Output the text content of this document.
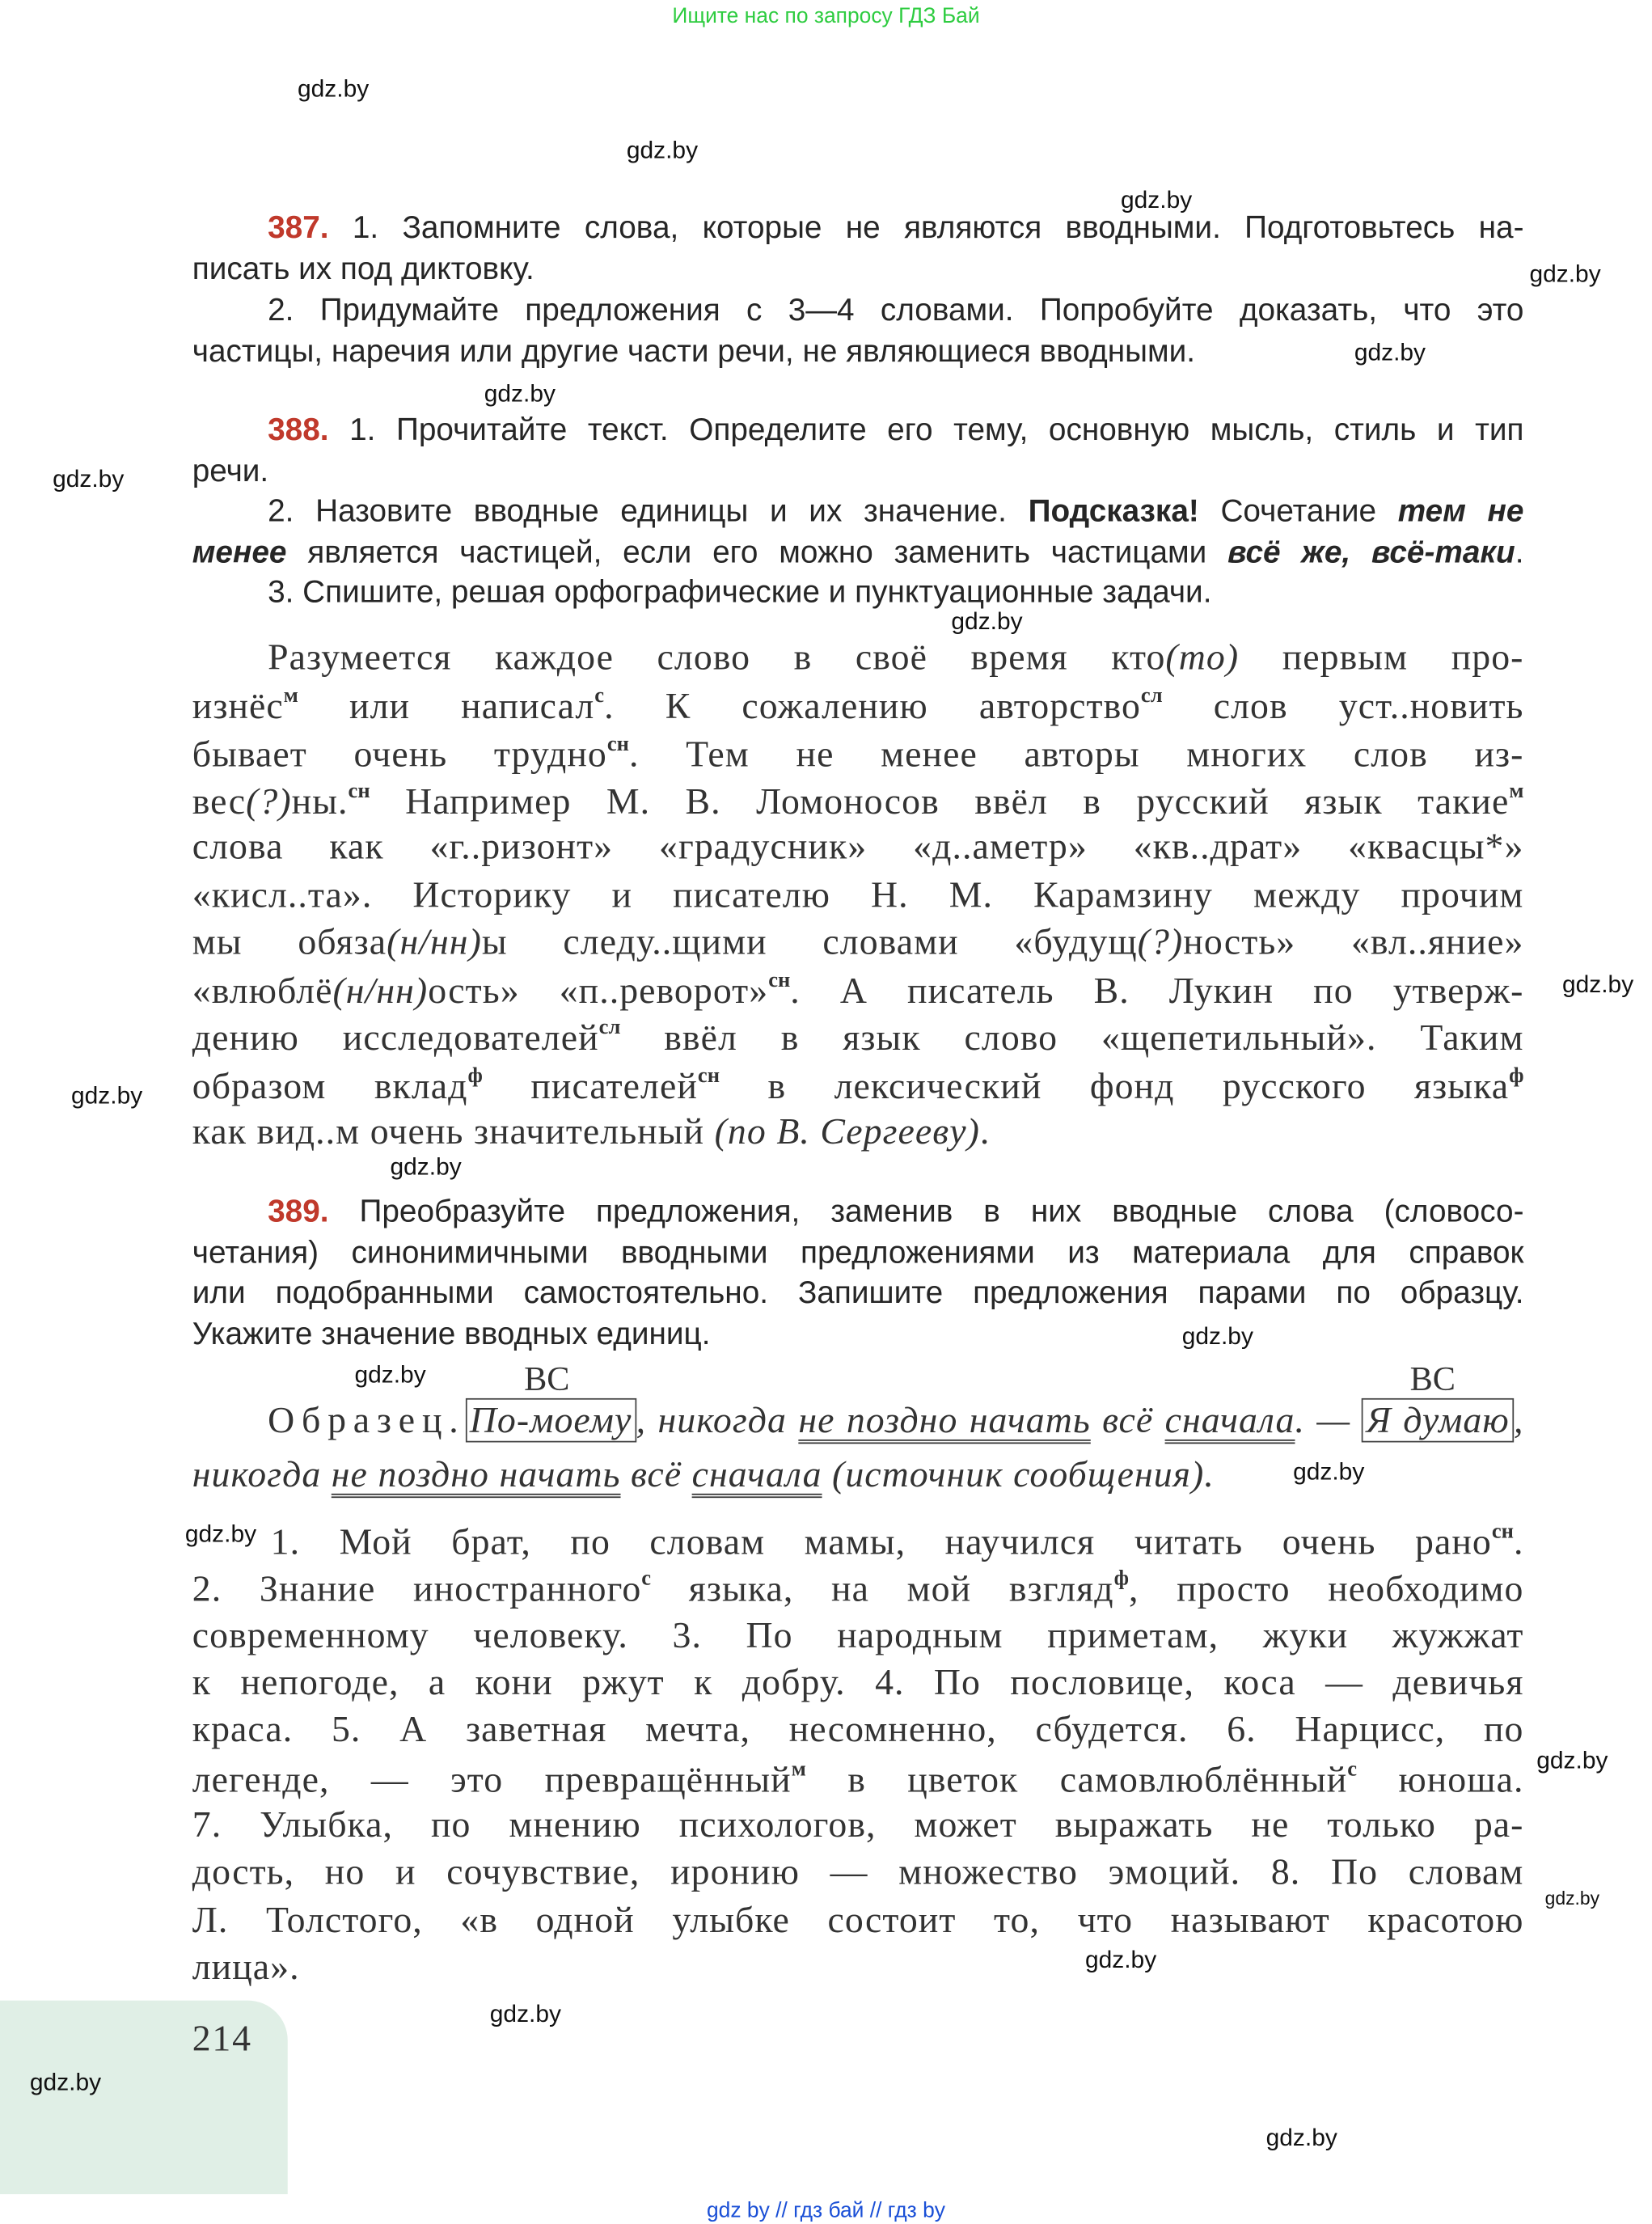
Ищите нас по запросу ГДЗ Бай
387. 1. Запомните слова, которые не являются вводными. Подготовьтесь на-
писать их под диктовку.
2. Придумайте предложения с 3—4 словами. Попробуйте доказать, что это
частицы, наречия или другие части речи, не являющиеся вводными.
388. 1. Прочитайте текст. Определите его тему, основную мысль, стиль и тип
речи.
2. Назовите вводные единицы и их значение. Подсказка! Сочетание тем не
менее является частицей, если его можно заменить частицами всё же, всё-таки.
3. Спишите, решая орфографические и пунктуационные задачи.
Разумеется каждое слово в своё время кто(то) первым про-
изнёс$^м$ или написал$^с$. К сожалению авторство$^{сл}$ слов уст..новить
бывает очень трудно$^{сн}$. Тем не менее авторы многих слов из-
вес(?)ны.$^{сн}$ Например М. В. Ломоносов ввёл в русский язык такие$^м$
слова как «г..ризонт» «градусник» «д..аметр» «кв..драт» «квасцы*»
«кисл..та». Историку и писателю Н. М. Карамзину между прочим
мы обяза(н/нн)ы следу..щими словами «будущ(?)ность» «вл..яние»
«влюблё(н/нн)ость» «п..реворот»$^{сн}$. А писатель В. Лукин по утверж-
дению исследователей$^{сл}$ ввёл в язык слово «щепетильный». Таким
образом вклад$^ф$ писателей$^{сн}$ в лексический фонд русского языка$^ф$
как вид..м очень значительный (по В. Сергееву).
389. Преобразуйте предложения, заменив в них вводные слова (словосо-
четания) синонимичными вводными предложениями из материала для справок
или подобранными самостоятельно. Запишите предложения парами по образцу.
Укажите значение вводных единиц.
Образец. По-моему , никогда не поздно начать всё сначала. — Я думаю ,
никогда не поздно начать всё сначала (источник сообщения).
1. Мой брат, по словам мамы, научился читать очень рано$^{сн}$.
2. Знание иностранного$^с$ языка, на мой взгляд$^ф$, просто необходимо
современному человеку. 3. По народным приметам, жуки жужжат
к непогоде, а кони ржут к добру. 4. По пословице, коса — девичья
краса. 5. А заветная мечта, несомненно, сбудется. 6. Нарцисс, по
легенде, — это превращённый$^м$ в цветок самовлюблённый$^с$ юноша.
7. Улыбка, по мнению психологов, может выражать не только ра-
дость, но и сочувствие, иронию — множество эмоций. 8. По словам
Л. Толстого, «в одной улыбке состоит то, что называют красотою
лица».
ВС	ВС
214
gdz.by
gdz.by
gdz.by
gdz.by
gdz.by
gdz.by
gdz.by
gdz.by
gdz.by
gdz.by
gdz.by
gdz.by
gdz.by
gdz.by
gdz.by
gdz.by
gdz.by
gdz.by
gdz.by
gdz.by
gdz.by
gdz by // гдз бай // гдз by
